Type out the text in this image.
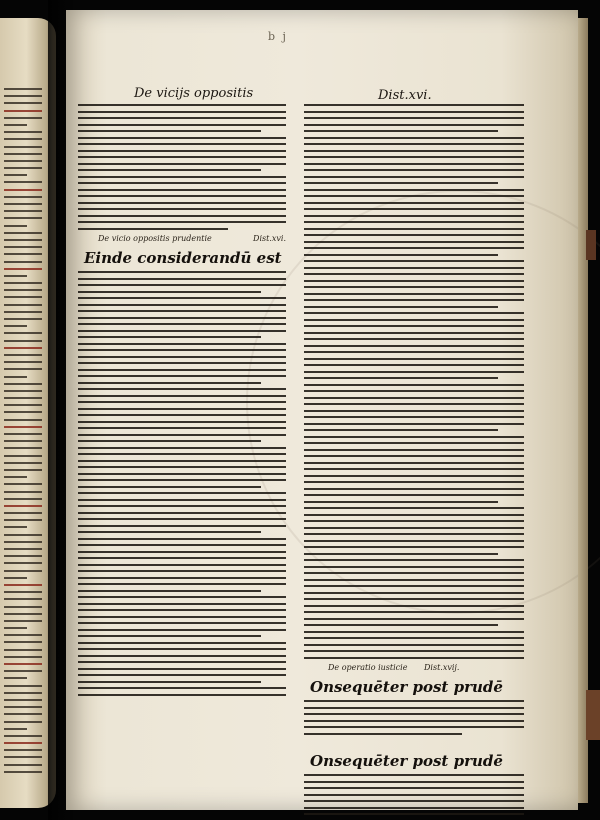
b j
De vicijs oppositis	Dist.xvi.
De vicio oppositis prudentie	Dist.xvi.
Einde considerandū est
De operatio iusticie Dist.xvij.
Onsequēter post prudē
Onsequēter post prudē
